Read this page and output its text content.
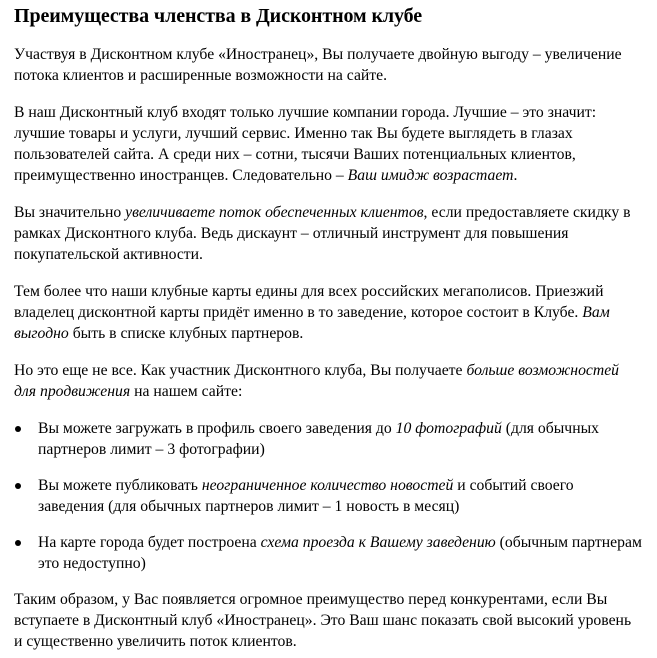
Преимущества членства в Дисконтном клубе

Участвуя в Дисконтном клубе «Иностранец», Вы получаете двойную выгоду – увеличение потока клиентов и расширенные возможности на сайте.

В наш Дисконтный клуб входят только лучшие компании города. Лучшие – это значит: лучшие товары и услуги, лучший сервис. Именно так Вы будете выглядеть в глазах пользователей сайта. А среди них – сотни, тысячи Ваших потенциальных клиентов, преимущественно иностранцев. Следовательно – Ваш имидж возрастает.

Вы значительно увеличиваете поток обеспеченных клиентов, если предоставляете скидку в рамках Дисконтного клуба. Ведь дискаунт – отличный инструмент для повышения покупательской активности.

Тем более что наши клубные карты едины для всех российских мегаполисов. Приезжий владелец дисконтной карты придёт именно в то заведение, которое состоит в Клубе. Вам выгодно быть в списке клубных партнеров.

Но это еще не все. Как участник Дисконтного клуба, Вы получаете больше возможностей для продвижения на нашем сайте:

Вы можете загружать в профиль своего заведения до 10 фотографий (для обычных партнеров лимит – 3 фотографии)
Вы можете публиковать неограниченное количество новостей и событий своего заведения (для обычных партнеров лимит – 1 новость в месяц)
На карте города будет построена схема проезда к Вашему заведению (обычным партнерам это недоступно)

Таким образом, у Вас появляется огромное преимущество перед конкурентами, если Вы вступаете в Дисконтный клуб «Иностранец». Это Ваш шанс показать свой высокий уровень и существенно увеличить поток клиентов.
